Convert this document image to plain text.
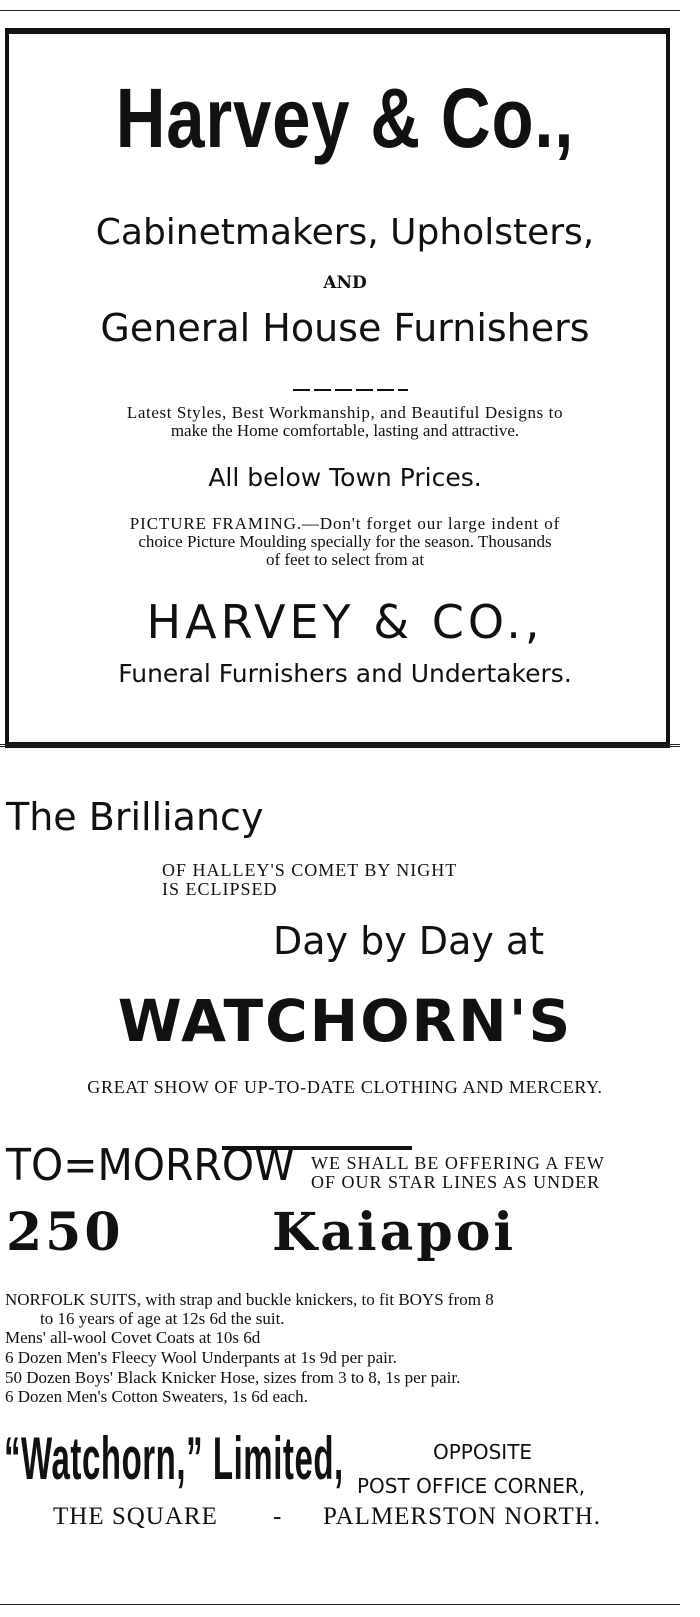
Harvey & Co.,
Cabinetmakers, Upholsters,
AND
General House Furnishers
Latest Styles, Best Workmanship, and Beautiful Designs to
make the Home comfortable, lasting and attractive.
All below Town Prices.
PICTURE FRAMING.—Don't forget our large indent of
choice Picture Moulding specially for the season. Thousands
of feet to select from at
HARVEY & CO.,
Funeral Furnishers and Undertakers.
The Brilliancy
OF HALLEY'S COMET BY NIGHT
IS ECLIPSED
Day by Day at
WATCHORN'S
GREAT SHOW OF UP-TO-DATE CLOTHING AND MERCERY.
TO=MORROW WE SHALL BE OFFERING A FEW
OF OUR STAR LINES AS UNDER
250	Kaiapoi
NORFOLK SUITS, with strap and buckle knickers, to fit BOYS from 8
to 16 years of age at 12s 6d the suit.
Mens' all-wool Covet Coats at 10s 6d
6 Dozen Men's Fleecy Wool Underpants at 1s 9d per pair.
50 Dozen Boys' Black Knicker Hose, sizes from 3 to 8, 1s per pair.
6 Dozen Men's Cotton Sweaters, 1s 6d each.
“Watchorn,” Limited,	OPPOSITE
POST OFFICE CORNER,
THE SQUARE - PALMERSTON NORTH.
